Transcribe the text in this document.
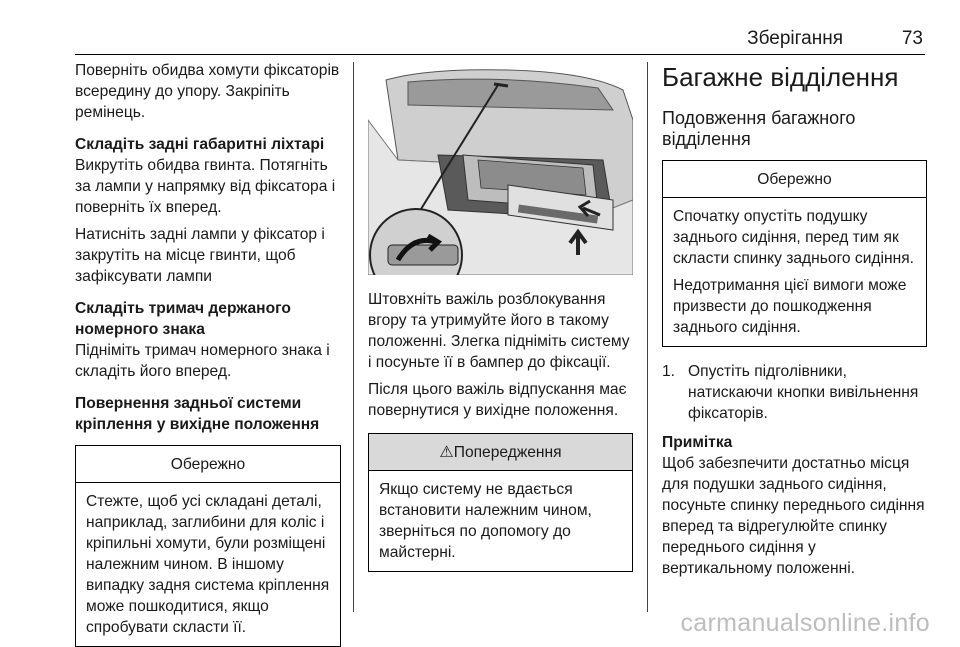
Зберігання	73

Поверніть обидва хомути фіксаторів всередину до упору. Закріпіть ремінець.

Складіть задні габаритні ліхтарі

Викрутіть обидва гвинта. Потягніть за лампи у напрямку від фіксатора і поверніть їх вперед.

Натисніть задні лампи у фіксатор і закрутіть на місце гвинти, щоб зафіксувати лампи

Складіть тримач держаного номерного знака

Підніміть тримач номерного знака і складіть його вперед.

Повернення задньої системи кріплення у вихідне положення

Обережно

Стежте, щоб усі складані деталі, наприклад, заглибини для коліс і кріпильні хомути, були розміщені належним чином. В іншому випадку задня система кріплення може пошкодитися, якщо спробувати скласти її.

Штовхніть важіль розблокування вгору та утримуйте його в такому положенні. Злегка підніміть систему і посуньте її в бампер до фіксації.

Після цього важіль відпускання має повернутися у вихідне положення.

⚠Попередження

Якщо систему не вдається встановити належним чином, зверніться по допомогу до майстерні.

Багажне відділення
Подовження багажного відділення
Обережно

Спочатку опустіть подушку заднього сидіння, перед тим як скласти спинку заднього сидіння.

Недотримання цієї вимоги може призвести до пошкодження заднього сидіння.

1. Опустіть підголівники, натискаючи кнопки вивільнення фіксаторів.

Примітка

Щоб забезпечити достатньо місця для подушки заднього сидіння, посуньте спинку переднього сидіння вперед та відрегулюйте спинку переднього сидіння у вертикальному положенні.

carmanualsonline.info
